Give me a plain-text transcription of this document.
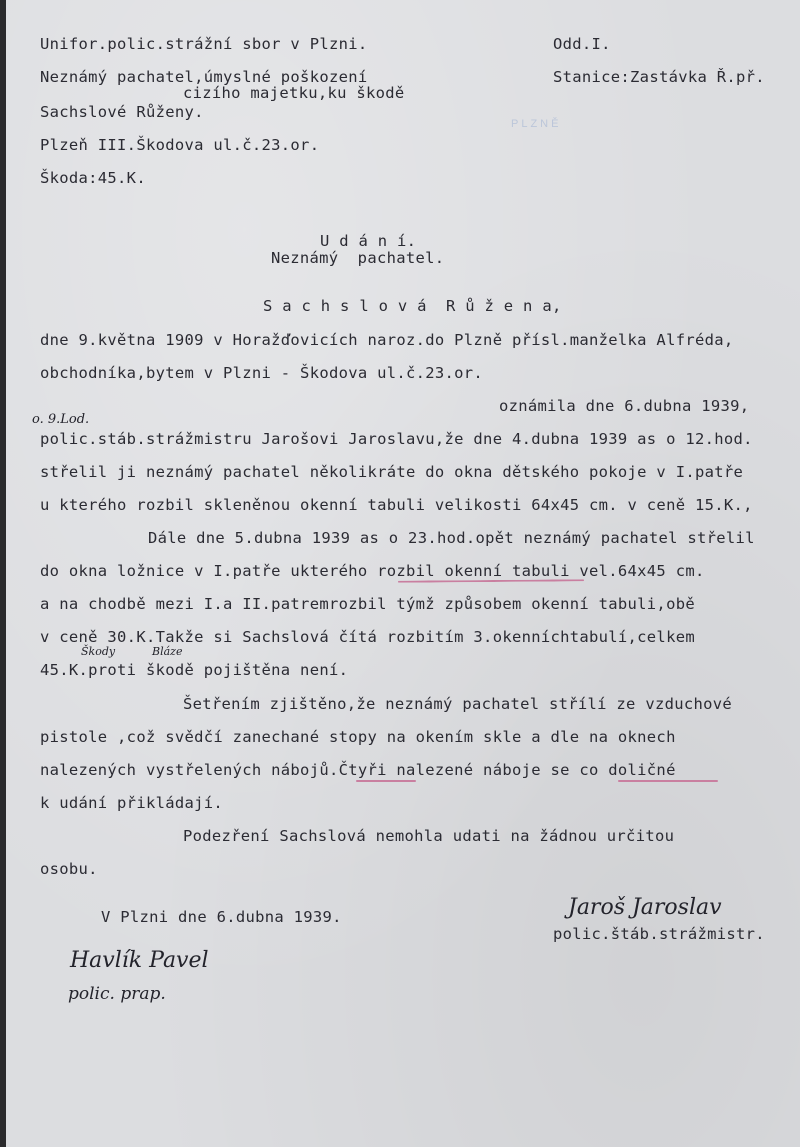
PLZNĚ
Unifor.polic.strážní sbor v Plzni.	Odd.I.
Neznámý pachatel,úmyslné poškození	Stanice:Zastávka Ř.př.
cizího majetku,ku škodě
Sachslové Růženy.
Plzeň III.Škodova ul.č.23.or.
Škoda:45.K.
U d á n í.
Neznámý  pachatel.
S a c h s l o v á  R ů ž e n a,
dne 9.května 1909 v Horažďovicích naroz.do Plzně přísl.manželka Alfréda,
obchodníka,bytem v Plzni - Škodova ul.č.23.or.
oznámila dne 6.dubna 1939,
polic.stáb.strážmistru Jarošovi Jaroslavu,že dne 4.dubna 1939 as o 12.hod.
střelil ji neznámý pachatel několikráte do okna dětského pokoje v I.patře
u kterého rozbil skleněnou okenní tabuli velikosti 64x45 cm. v ceně 15.K.,
Dále dne 5.dubna 1939 as o 23.hod.opět neznámý pachatel střelil
do okna ložnice v I.patře ukterého rozbil okenní tabuli vel.64x45 cm.
a na chodbě mezi I.a II.patremrozbil týmž způsobem okenní tabuli,obě
v ceně 30.K.Takže si Sachslová čítá rozbitím 3.okenníchtabulí,celkem
45.K.proti škodě pojištěna není.
Šetřením zjištěno,že neznámý pachatel střílí ze vzduchové
pistole ,což svědčí zanechané stopy na okením skle a dle na oknech
nalezených vystřelených nábojů.Čtyři nalezené náboje se co doličné
k udání přikládají.
Podezření Sachslová nemohla udati na žádnou určitou
osobu.
o. 9.Lod.
Škody	Bláze
V Plzni dne 6.dubna 1939.	Jaroš Jaroslav
polic.štáb.strážmistr.
Havlík Pavel
polic. prap.
